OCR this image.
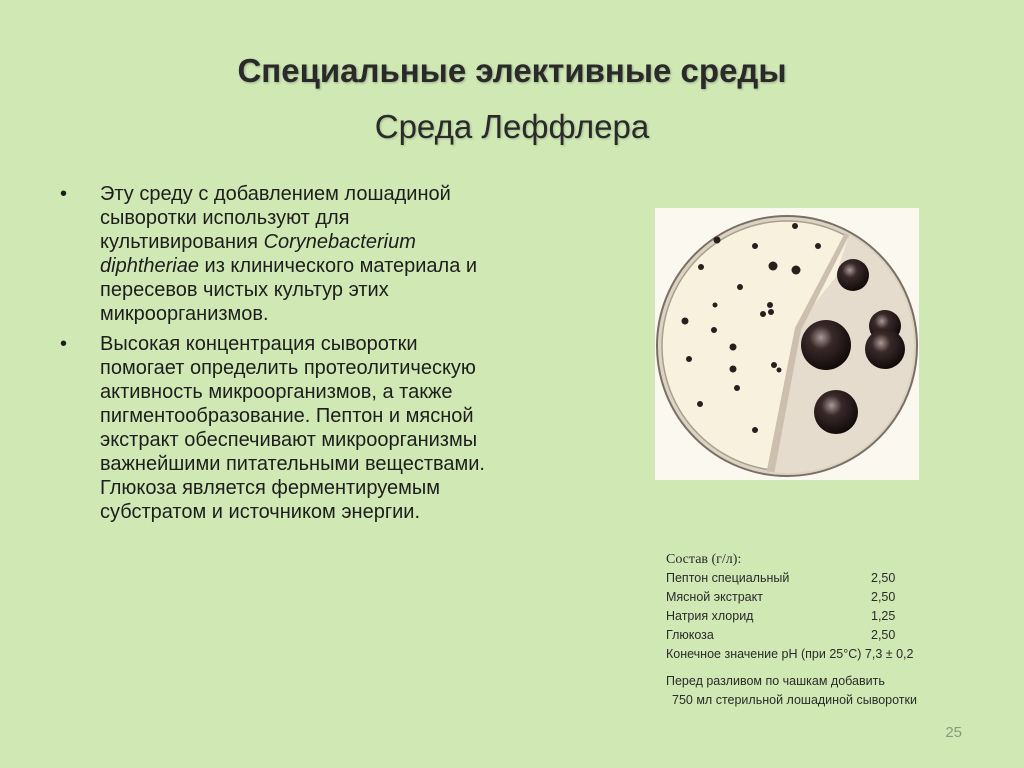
Специальные элективные среды
Среда Леффлера
• Эту среду с добавлением лошадиной сыворотки используют для культивирования Corynebacterium diphtheriae из клинического материала и пересевов чистых культур этих микроорганизмов.
• Высокая концентрация сыворотки помогает определить протеолитическую активность микроорганизмов, а также пигментообразование. Пептон и мясной экстракт обеспечивают микроорганизмы важнейшими питательными веществами. Глюкоза является ферментируемым субстратом и источником энергии.
Состав (г/л):
Пептон специальный	2,50
Мясной экстракт	2,50
Натрия хлорид	1,25
Глюкоза	2,50
Конечное значение pH (при 25°С) 7,3 ± 0,2
Перед разливом по чашкам добавить
750 мл стерильной лошадиной сыворотки
25
